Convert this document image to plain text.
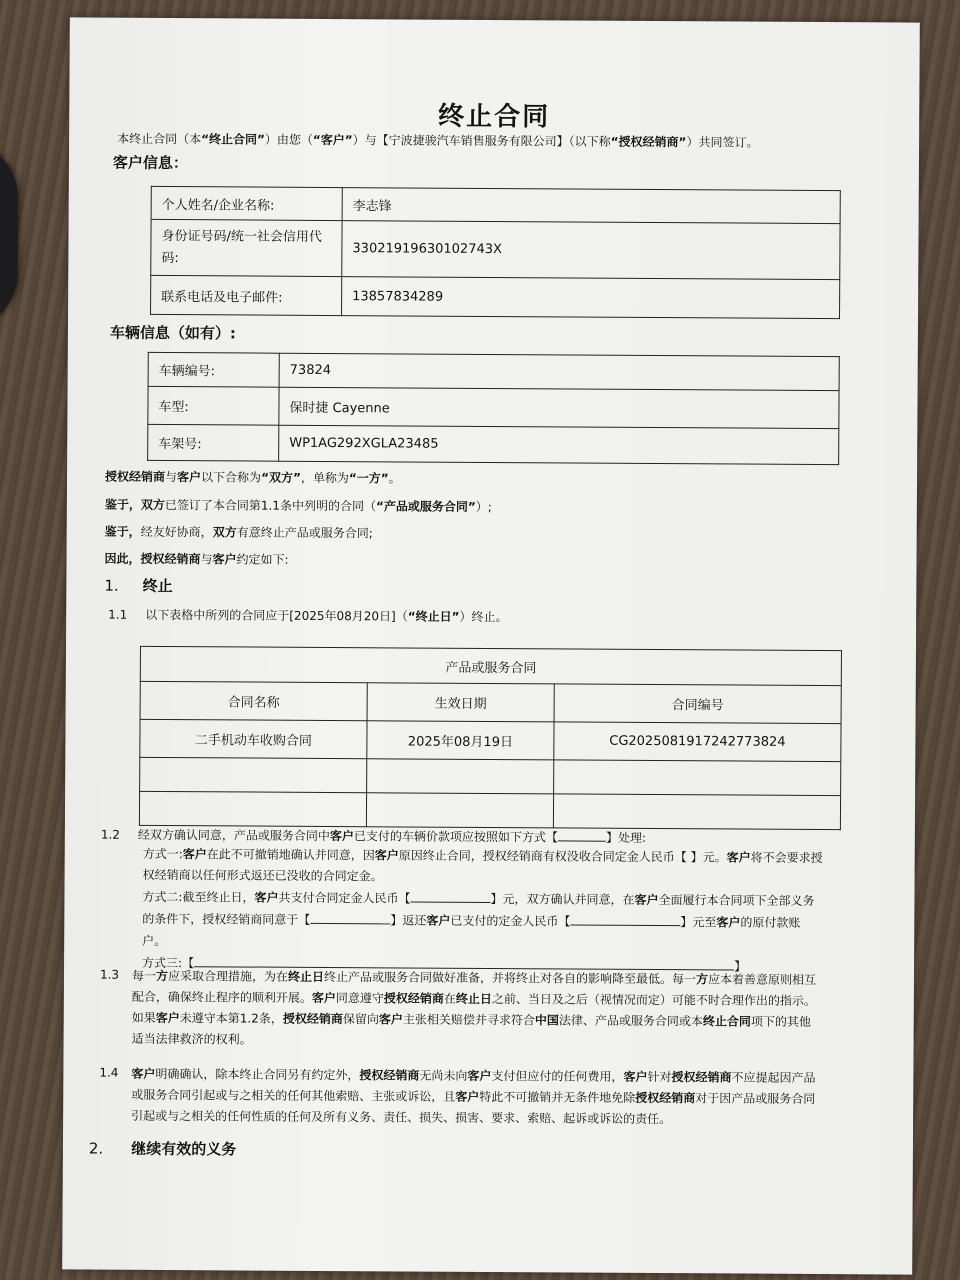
终止合同
本终止合同（本“终止合同”）由您（“客户”）与【宁波捷骏汽车销售服务有限公司】（以下称“授权经销商”）共同签订。
客户信息：
个人姓名/企业名称:	李志锋
身份证号码/统一社会信用代码:	33021919630102743X
联系电话及电子邮件:	13857834289
车辆信息（如有）:
车辆编号:	73824
车型:	保时捷 Cayenne
车架号:	WP1AG292XGLA23485
授权经销商与客户以下合称为“双方”，单称为“一方”。
鉴于，双方已签订了本合同第1.1条中列明的合同（“产品或服务合同”）;
鉴于，经友好协商，双方有意终止产品或服务合同;
因此，授权经销商与客户约定如下:
1. 终止
1.1 以下表格中所列的合同应于[2025年08月20日]（“终止日”）终止。
产品或服务合同		
合同名称	生效日期	合同编号
二手机动车收购合同	2025年08月19日	CG2025081917242773824

1.2 经双方确认同意，产品或服务合同中客户已支付的车辆价款项应按照如下方式【	】处理:
方式一:客户在此不可撤销地确认并同意，因客户原因终止合同，授权经销商有权没收合同定金人民币【 】元。客户将不会要求授
权经销商以任何形式返还已没收的合同定金。
方式二:截至终止日，客户共支付合同定金人民币【	】元，双方确认并同意，在客户全面履行本合同项下全部义务
的条件下，授权经销商同意于【	】返还客户已支付的定金人民币【	】元至客户的原付款账
户。
方式三:【	】
1.3 每一方应采取合理措施，为在终止日终止产品或服务合同做好准备，并将终止对各自的影响降至最低。每一方应本着善意原则相互
配合，确保终止程序的顺利开展。客户同意遵守授权经销商在终止日之前、当日及之后（视情况而定）可能不时合理作出的指示。
如果客户未遵守本第1.2条，授权经销商保留向客户主张相关赔偿并寻求符合中国法律、产品或服务合同或本终止合同项下的其他
适当法律救济的权利。
1.4 客户明确确认，除本终止合同另有约定外，授权经销商无尚未向客户支付但应付的任何费用，客户针对授权经销商不应提起因产品
或服务合同引起或与之相关的任何其他索赔、主张或诉讼，且客户特此不可撤销并无条件地免除授权经销商对于因产品或服务合同
引起或与之相关的任何性质的任何及所有义务、责任、损失、损害、要求、索赔、起诉或诉讼的责任。
2. 继续有效的义务
